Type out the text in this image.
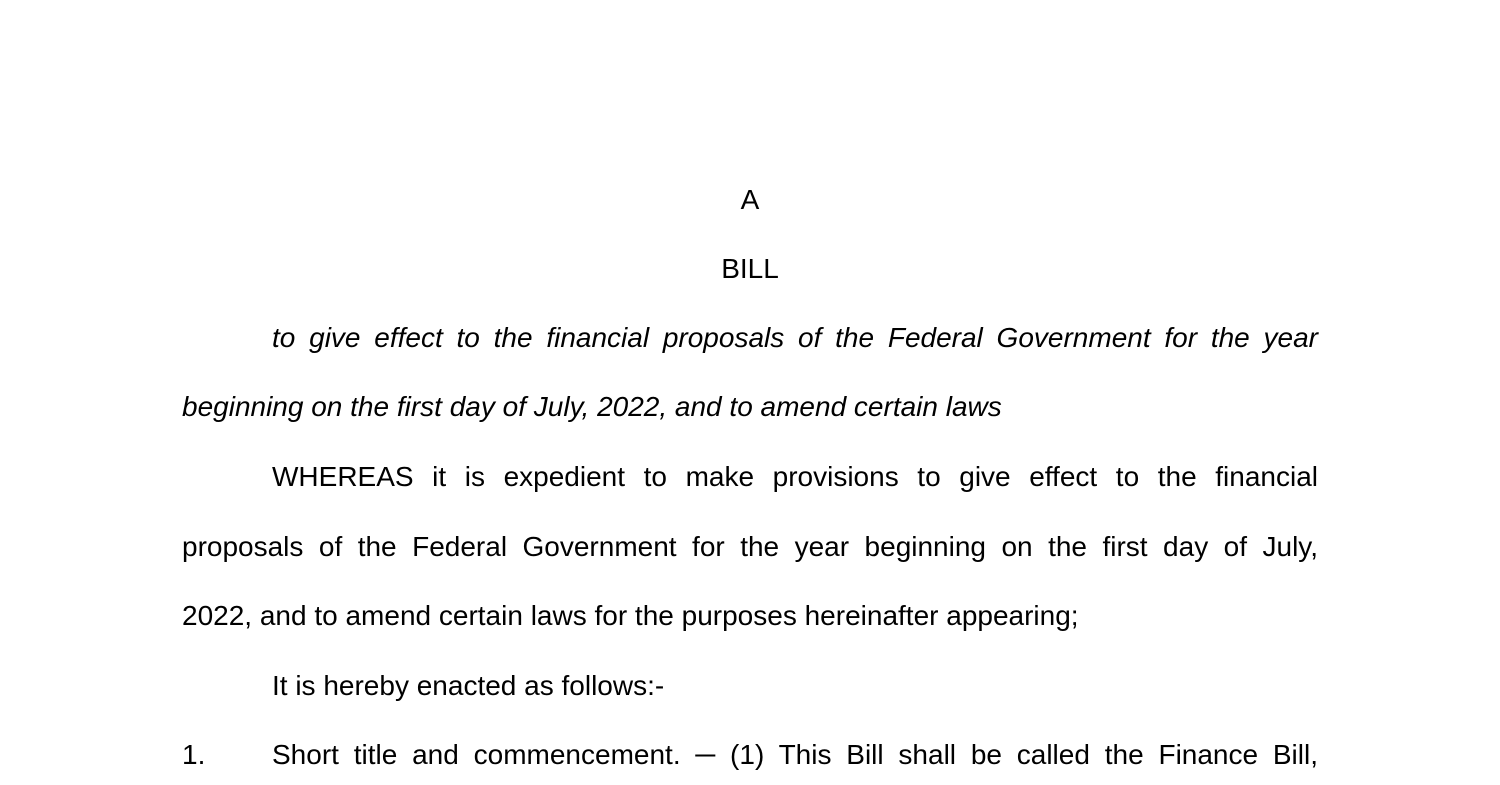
A
BILL
to give effect to the financial proposals of the Federal Government for the year
beginning on the first day of July, 2022, and to amend certain laws
WHEREAS it is expedient to make provisions to give effect to the financial
proposals of the Federal Government for the year beginning on the first day of July,
2022, and to amend certain laws for the purposes hereinafter appearing;
It is hereby enacted as follows:-
1. Short title and commencement. ─ (1) This Bill shall be called the Finance Bill,
